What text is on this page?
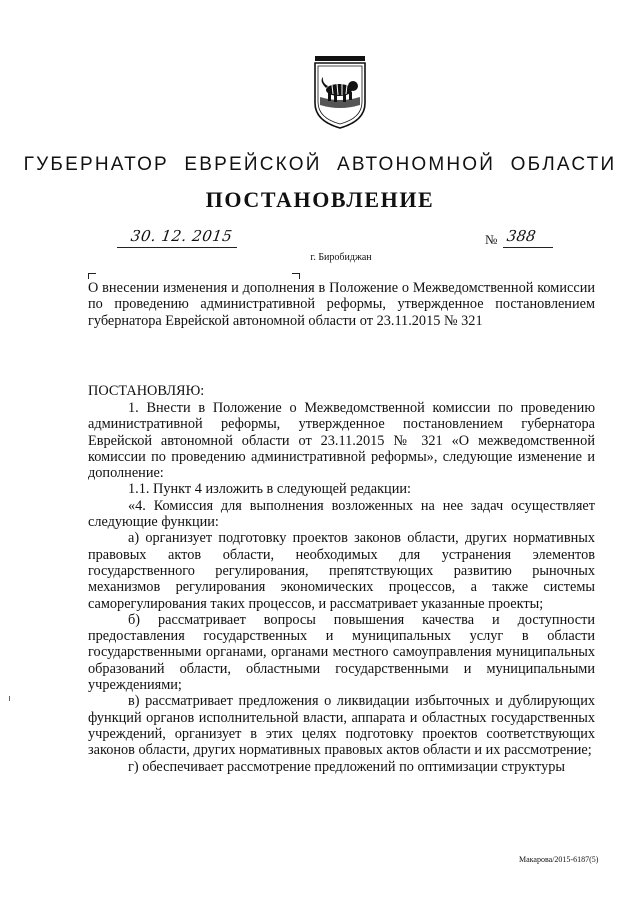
ГУБЕРНАТОР ЕВРЕЙСКОЙ АВТОНОМНОЙ ОБЛАСТИ
ПОСТАНОВЛЕНИЕ
30. 12. 2015	№ 388
г. Биробиджан
О внесении изменения и дополнения в Положение о Межведомственной комиссии по проведению административной реформы, утвержденное постановлением губернатора Еврейской автономной области от 23.11.2015 № 321
ПОСТАНОВЛЯЮ:

1. Внести в Положение о Межведомственной комиссии по проведению административной реформы, утвержденное постановлением губернатора Еврейской автономной области от 23.11.2015 № 321 «О межведомственной комиссии по проведению административной реформы», следующие изменение и дополнение:

1.1. Пункт 4 изложить в следующей редакции:

«4. Комиссия для выполнения возложенных на нее задач осуществляет следующие функции:

а) организует подготовку проектов законов области, других нормативных правовых актов области, необходимых для устранения элементов государственного регулирования, препятствующих развитию рыночных механизмов регулирования экономических процессов, а также системы саморегулирования таких процессов, и рассматривает указанные проекты;

б) рассматривает вопросы повышения качества и доступности предоставления государственных и муниципальных услуг в области государственными органами, органами местного самоуправления муниципальных образований области, областными государственными и муниципальными учреждениями;

в) рассматривает предложения о ликвидации избыточных и дублирующих функций органов исполнительной власти, аппарата и областных государственных учреждений, организует в этих целях подготовку проектов соответствующих законов области, других нормативных правовых актов области и их рассмотрение;

г) обеспечивает рассмотрение предложений по оптимизации структуры

Макарова/2015-6187(5)
